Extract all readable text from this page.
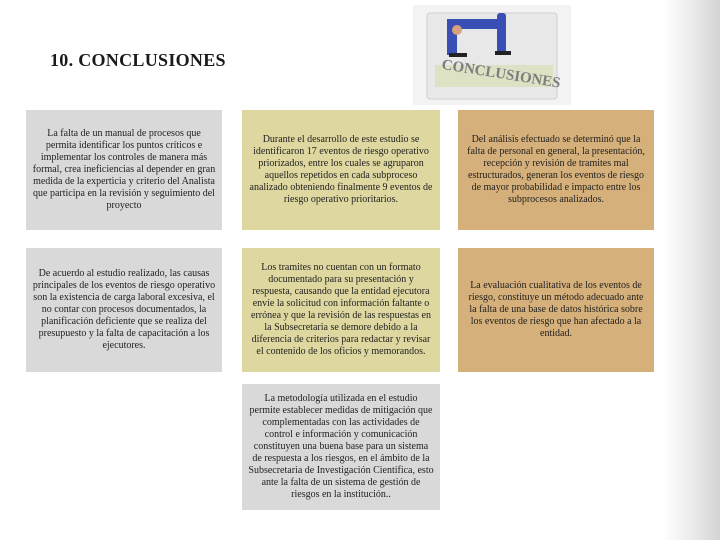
10. CONCLUSIONES	CONCLUSIONES
La falta de un manual de procesos que permita identificar los puntos críticos e implementar los controles de manera más formal, crea ineficiencias al depender en gran medida de la experticia y criterio del Analista que participa en la revisión y seguimiento del proyecto
Durante el desarrollo de este estudio se identificaron 17 eventos de riesgo operativo priorizados, entre los cuales se agruparon aquellos repetidos en cada subproceso analizado obteniendo finalmente 9 eventos de riesgo operativo prioritarios.
Del análisis efectuado se determinó que la falta de personal en general, la presentación, recepción y revisión de tramites mal estructurados, generan los eventos de riesgo de mayor probabilidad e impacto entre los subprocesos analizados.
De acuerdo al estudio realizado, las causas principales de los eventos de riesgo operativo son la existencia de carga laboral excesiva, el no contar con procesos documentados, la planificación deficiente que se realiza del presupuesto y la falta de capacitación a los ejecutores.
Los tramites no cuentan con un formato documentado para su presentación y respuesta, causando que la entidad ejecutora envíe la solicitud con información faltante o errónea y que la revisión de las respuestas en la Subsecretaria se demore debido a la diferencia de criterios para redactar y revisar el contenido de los oficios y memorandos.
La evaluación cualitativa de los eventos de riesgo, constituye un método adecuado ante la falta de una base de datos histórica sobre los eventos de riesgo que han afectado a la entidad.
La metodología utilizada en el estudio permite establecer medidas de mitigación que complementadas con las actividades de control e información y comunicación constituyen una buena base para un sistema de respuesta a los riesgos, en el ámbito de la Subsecretaria de Investigación Científica, esto ante la falta de un sistema de gestión de riesgos en la institución..
